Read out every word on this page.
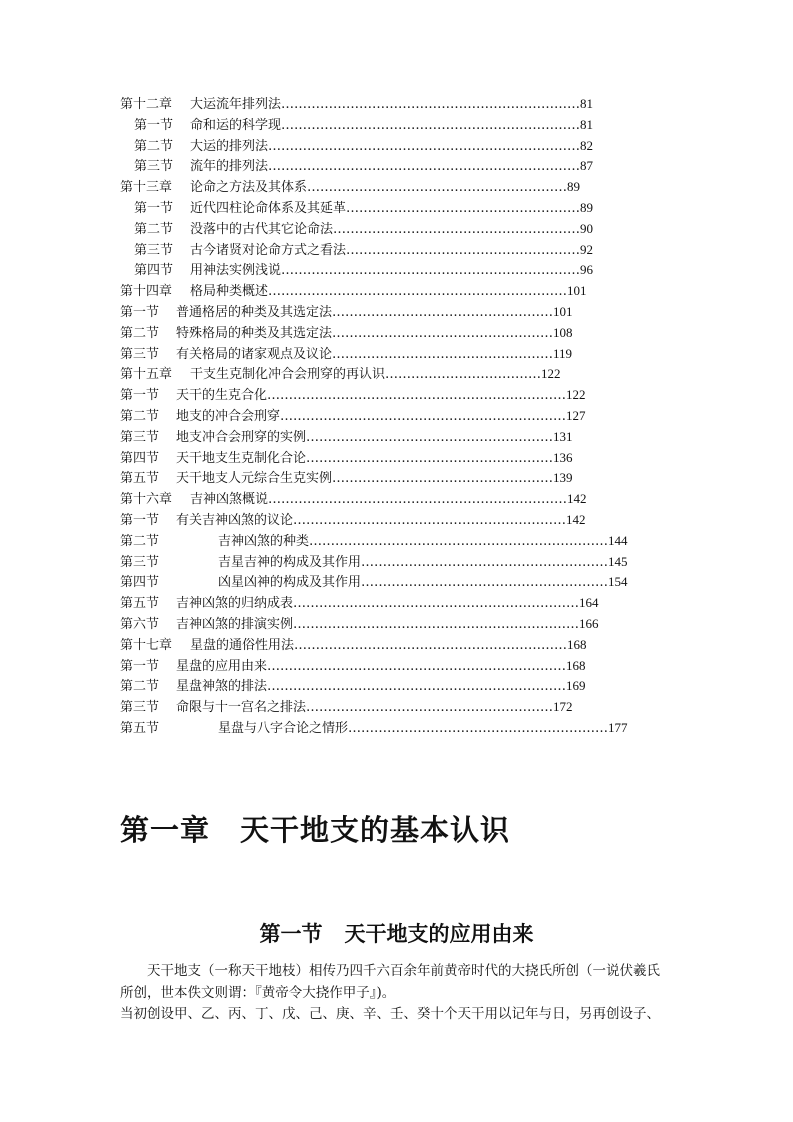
第十二章 大运流年排列法……………………………………………………………81
第一节 命和运的科学现……………………………………………………………81
第二节 大运的排列法………………………………………………………………82
第三节 流年的排列法………………………………………………………………87
第十三章 论命之方法及其体系……………………………………………………89
第一节 近代四柱论命体系及其延革………………………………………………89
第二节 没落中的古代其它论命法…………………………………………………90
第三节 古今诸贤对论命方式之看法………………………………………………92
第四节 用神法实例浅说……………………………………………………………96
第十四章 格局种类概述……………………………………………………………101
第一节 普通格居的种类及其选定法……………………………………………101
第二节 特殊格局的种类及其选定法……………………………………………108
第三节 有关格局的诸家观点及议论……………………………………………119
第十五章 干支生克制化冲合会刑穿的再认识………………………………122
第一节 天干的生克合化……………………………………………………………122
第二节 地支的冲合会刑穿…………………………………………………………127
第三节 地支冲合会刑穿的实例…………………………………………………131
第四节 天干地支生克制化合论…………………………………………………136
第五节 天干地支人元综合生克实例……………………………………………139
第十六章 吉神凶煞概说……………………………………………………………142
第一节 有关吉神凶煞的议论………………………………………………………142
第二节	吉神凶煞的种类……………………………………………………………144
第三节	吉星吉神的构成及其作用…………………………………………………145
第四节	凶星凶神的构成及其作用…………………………………………………154
第五节 吉神凶煞的归纳成表…………………………………………………………164
第六节 吉神凶煞的排演实例…………………………………………………………166
第十七章 星盘的通俗性用法………………………………………………………168
第一节 星盘的应用由来……………………………………………………………168
第二节 星盘神煞的排法……………………………………………………………169
第三节 命限与十一宫名之排法…………………………………………………172
第五节	星盘与八字合论之情形……………………………………………………177
第一章 天干地支的基本认识
第一节 天干地支的应用由来

天干地支（一称天干地枝）相传乃四千六百余年前黄帝时代的大挠氏所创（一说伏羲氏

所创，世本佚文则谓：『黄帝令大挠作甲子』)。

当初创设甲、乙、丙、丁、戊、己、庚、辛、壬、癸十个天干用以记年与日，另再创设子、
